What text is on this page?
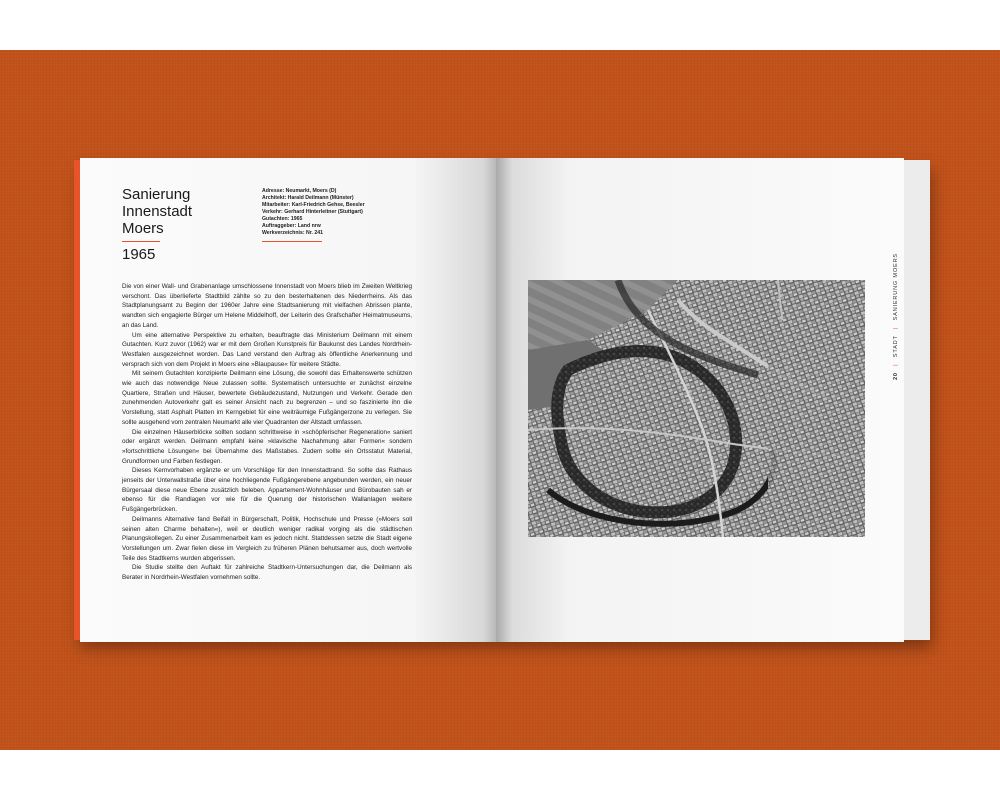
Sanierung
Innenstadt
Moers
1965
Adresse: Neumarkt, Moers (D)
Architekt: Harald Deilmann (Münster)
Mitarbeiter: Karl-Friedrich Gehse, Beesler
Verkehr: Gerhard Hinterleitner (Stuttgart)
Gutachten: 1965
Auftraggeber: Land nrw
Werkverzeichnis: Nr. 241

Die von einer Wall- und Grabenanlage umschlossene Innenstadt von Moers blieb im Zweiten Weltkrieg verschont. Das überlieferte Stadtbild zählte so zu den besterhaltenen des Niederrheins. Als das Stadtplanungsamt zu Beginn der 1960er Jahre eine Stadtsanierung mit vielfachen Abrissen plante, wandten sich engagierte Bürger um Helene Middelhoff, der Leiterin des Grafschafter Heimatmuseums, an das Land.

Um eine alternative Perspektive zu erhalten, beauftragte das Ministerium Deilmann mit einem Gutachten. Kurz zuvor (1962) war er mit dem Großen Kunstpreis für Baukunst des Landes Nordrhein-Westfalen ausgezeichnet worden. Das Land verstand den Auftrag als öffentliche Anerkennung und versprach sich von dem Projekt in Moers eine »Blaupause« für weitere Städte.

Mit seinem Gutachten konzipierte Deilmann eine Lösung, die sowohl das Erhaltenswerte schützen wie auch das notwendige Neue zulassen sollte. Systematisch untersuchte er zunächst einzelne Quartiere, Straßen und Häuser, bewertete Gebäudezustand, Nutzungen und Verkehr. Gerade den zunehmenden Autoverkehr galt es seiner Ansicht nach zu begrenzen – und so faszinierte ihn die Vorstellung, statt Asphalt Platten im Kerngebiet für eine weiträumige Fußgängerzone zu verlegen. Sie sollte ausgehend vom zentralen Neumarkt alle vier Quadranten der Altstadt umfassen.

Die einzelnen Häuserblöcke sollten sodann schrittweise in »schöpferischer Regeneration« saniert oder ergänzt werden. Deilmann empfahl keine »klavische Nachahmung alter Formen« sondern »fortschrittliche Lösungen« bei Übernahme des Maßstabes. Zudem sollte ein Ortsstatut Material, Grundformen und Farben festlegen.

Dieses Kernvorhaben ergänzte er um Vorschläge für den Innenstadtrand. So sollte das Rathaus jenseits der Unterwallstraße über eine hochliegende Fußgängerebene angebunden werden, ein neuer Bürgersaal diese neue Ebene zusätzlich beleben. Appartement-Wohnhäuser und Bürobauten sah er ebenso für die Randlagen vor wie für die Querung der historischen Wallanlagen weitere Fußgängerbrücken.

Deilmanns Alternative fand Beifall in Bürgerschaft, Politik, Hochschule und Presse (»Moers soll seinen alten Charme behalten«), weil er deutlich weniger radikal vorging als die städtischen Planungskollegen. Zu einer Zusammenarbeit kam es jedoch nicht. Stattdessen setzte die Stadt eigene Vorstellungen um. Zwar fielen diese im Vergleich zu früheren Plänen behutsamer aus, doch wertvolle Teile des Stadtkerns wurden abgerissen.

Die Studie stellte den Auftakt für zahlreiche Stadtkern-Untersuchungen dar, die Deilmann als Berater in Nordrhein-Westfalen vornehmen sollte.

20 | STADT | SANIERUNG MOERS
